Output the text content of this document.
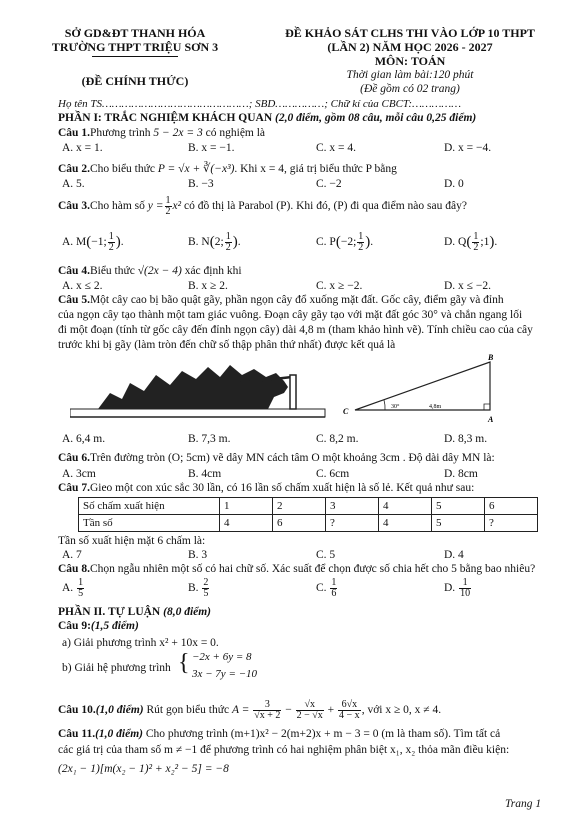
SỞ GD&ĐT THANH HÓA
TRƯỜNG THPT TRIỆU SƠN 3
(ĐỀ CHÍNH THỨC)
ĐỀ KHẢO SÁT CLHS THI VÀO LỚP 10 THPT
(LẦN 2) NĂM HỌC 2026 - 2027
MÔN: TOÁN
Thời gian làm bài:120 phút
(Đề gồm có 02 trang)
Họ tên TS………………………………………; SBD……………; Chữ kí của CBCT:……………
PHẦN I: TRẮC NGHIỆM KHÁCH QUAN (2,0 điểm, gồm 08 câu, mỗi câu 0,25 điểm)
Câu 1.Phương trình 5 − 2x = 3 có nghiệm là
A. x = 1.	B. x = −1.	C. x = 4.	D. x = −4.
Câu 2.Cho biểu thức P = √x + ∛(−x³). Khi x = 4, giá trị biểu thức P bằng
A. 5.	B. −3	C. −2	D. 0
Câu 3.Cho hàm số $y = \frac{1}{2} x^2$ có đồ thị là Parabol (P). Khi đó, (P) đi qua điểm nào sau đây?
A. M(−1; $\frac{1}{2}$ ).	B. N(2; $\frac{1}{2}$ ).	C. P(−2; $\frac{1}{2}$ ).	D. $Q( \frac{1}{2}$ ;1).
Câu 4.Biểu thức √(2x − 4) xác định khi
A. x ≤ 2.	B. x ≥ 2.	C. x ≥ −2.	D. x ≤ −2.
Câu 5.Một cây cao bị bão quật gãy, phần ngọn cây đổ xuống mặt đất. Gốc cây, điểm gãy và đỉnh
của ngọn cây tạo thành một tam giác vuông. Đoạn cây gãy tạo với mặt đất góc 30° và chắn ngang lối
đi một đoạn (tính từ gốc cây đến đỉnh ngọn cây) dài 4,8 m (tham khảo hình vẽ). Tính chiều cao của cây
trước khi bị gãy (làm tròn đến chữ số thập phân thứ nhất) được kết quả là
B
C
A
30°	4,8m
A. 6,4 m.	B. 7,3 m.	C. 8,2 m.	D. 8,3 m.
Câu 6.Trên đường tròn (O; 5cm) vẽ dây MN cách tâm O một khoảng 3cm . Độ dài dây MN là:
A. 3cm	B. 4cm	C. 6cm	D. 8cm
Câu 7.Gieo một con xúc sắc 30 lần, có 16 lần số chấm xuất hiện là số lẻ. Kết quả như sau:
Số chấm xuất hiện	1	2	3	4	5	6
Tần số	4	6	?	4	5	?
Tần số xuất hiện mặt 6 chấm là:
A. 7	B. 3	C. 5	D. 4
Câu 8.Chọn ngẫu nhiên một số có hai chữ số. Xác suất để chọn được số chia hết cho 5 bằng bao nhiêu?
A. $\frac{1}{5}$	B. $\frac{2}{5}$	C. $\frac{1}{6}$	D. $\frac{1}{10}$
PHẦN II. TỰ LUẬN (8,0 điểm)
Câu 9:(1,5 điểm)
a) Giải phương trình x² + 10x = 0.
b) Giải hệ phương trình { −2x + 6y = 8
3x − 7y = −10
Câu 10.(1,0 điểm) Rút gọn biểu thức $A = \frac{3}{√x + 2} - \frac{√x}{2 - √x} + \frac{6√x}{4 - x}$ , với x ≥ 0, x ≠ 4.
Câu 11.(1,0 điểm) Cho phương trình (m+1)x² − 2(m+2)x + m − 3 = 0 (m là tham số). Tìm tất cả
các giá trị của tham số m ≠ −1 để phương trình có hai nghiệm phân biệt x₁, x₂ thỏa mãn điều kiện:
(2x₁ − 1)[m(x₂ − 1)² + x₂² − 5] = −8
Trang 1
